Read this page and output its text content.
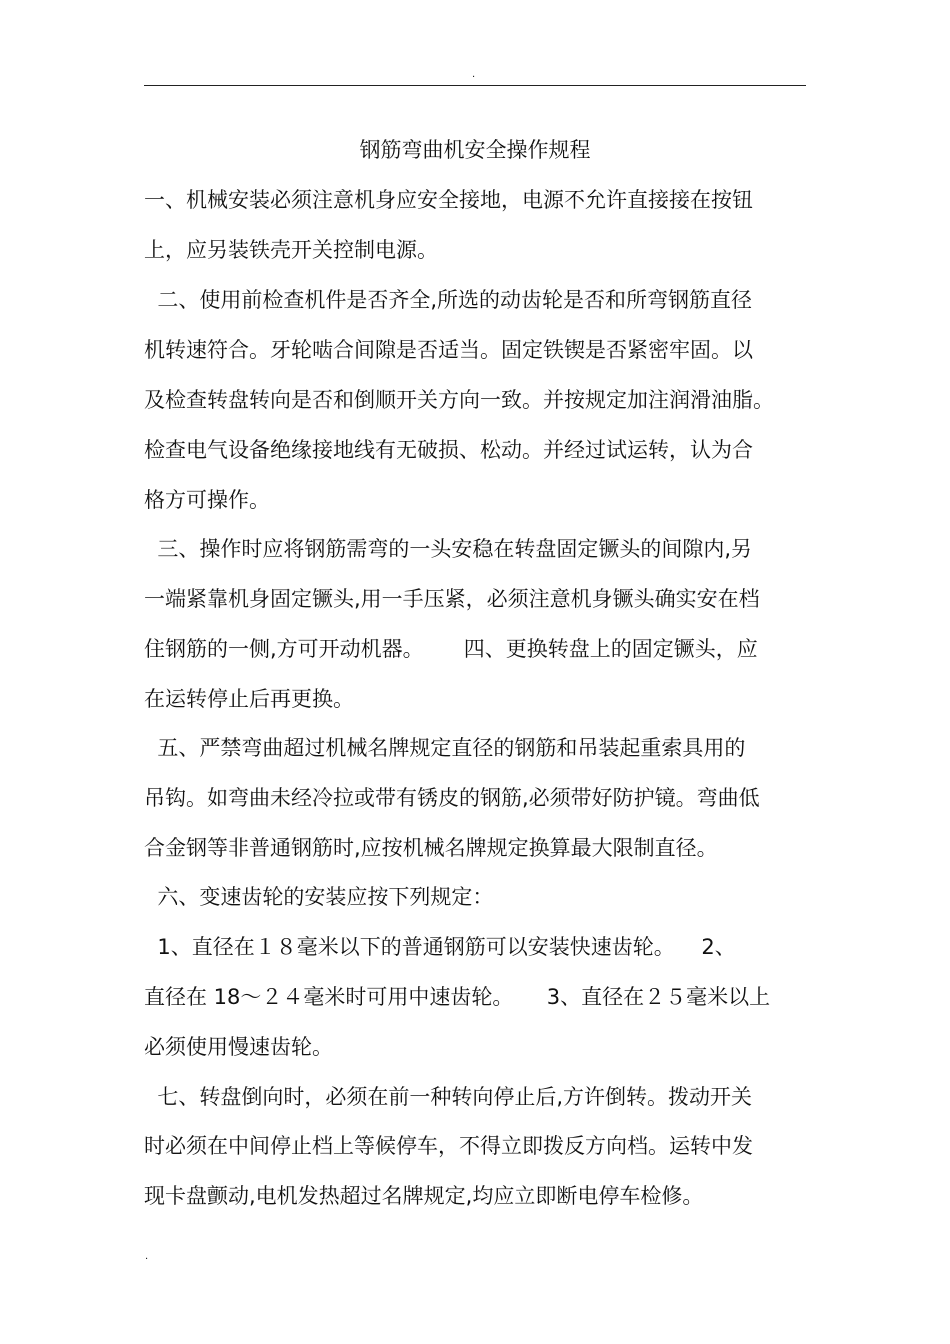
.
钢筋弯曲机安全操作规程
一、机械安装必须注意机身应安全接地，电源不允许直接接在按钮
上，应另装铁壳开关控制电源。
二、使用前检查机件是否齐全,所选的动齿轮是否和所弯钢筋直径
机转速符合。牙轮啮合间隙是否适当。固定铁锲是否紧密牢固。以
及检查转盘转向是否和倒顺开关方向一致。并按规定加注润滑油脂。
检查电气设备绝缘接地线有无破损、松动。并经过试运转，认为合
格方可操作。
三、操作时应将钢筋需弯的一头安稳在转盘固定镢头的间隙内,另
一端紧靠机身固定镢头,用一手压紧，必须注意机身镢头确实安在档
住钢筋的一侧,方可开动机器。      四、更换转盘上的固定镢头，应
在运转停止后再更换。
五、严禁弯曲超过机械名牌规定直径的钢筋和吊装起重索具用的
吊钩。如弯曲未经冷拉或带有锈皮的钢筋,必须带好防护镜。弯曲低
合金钢等非普通钢筋时,应按机械名牌规定换算最大限制直径。
六、变速齿轮的安装应按下列规定：
1、直径在１８毫米以下的普通钢筋可以安装快速齿轮。    2、
直径在 18～２４毫米时可用中速齿轮。     3、直径在２５毫米以上
必须使用慢速齿轮。
七、转盘倒向时，必须在前一种转向停止后,方许倒转。拨动开关
时必须在中间停止档上等候停车，不得立即拨反方向档。运转中发
现卡盘颤动,电机发热超过名牌规定,均应立即断电停车检修。
.
